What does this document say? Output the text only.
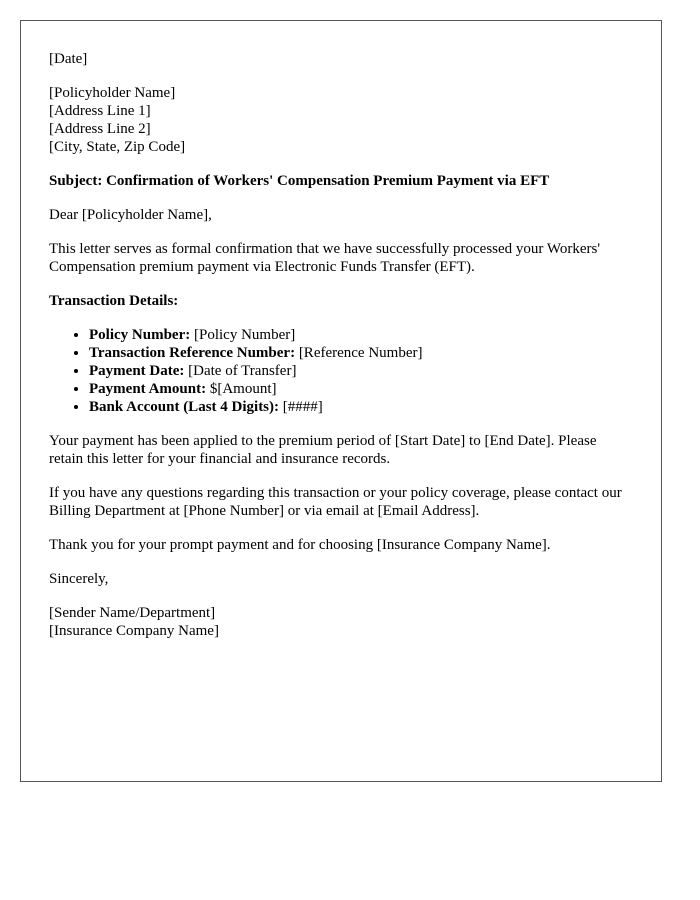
[Date]

[Policyholder Name]
[Address Line 1]
[Address Line 2]
[City, State, Zip Code]

Subject: Confirmation of Workers' Compensation Premium Payment via EFT

Dear [Policyholder Name],

This letter serves as formal confirmation that we have successfully processed your Workers' Compensation premium payment via Electronic Funds Transfer (EFT).

Transaction Details:

• Policy Number: [Policy Number]
• Transaction Reference Number: [Reference Number]
• Payment Date: [Date of Transfer]
• Payment Amount: $[Amount]
• Bank Account (Last 4 Digits): [####]

Your payment has been applied to the premium period of [Start Date] to [End Date]. Please retain this letter for your financial and insurance records.

If you have any questions regarding this transaction or your policy coverage, please contact our Billing Department at [Phone Number] or via email at [Email Address].

Thank you for your prompt payment and for choosing [Insurance Company Name].

Sincerely,

[Sender Name/Department]
[Insurance Company Name]
